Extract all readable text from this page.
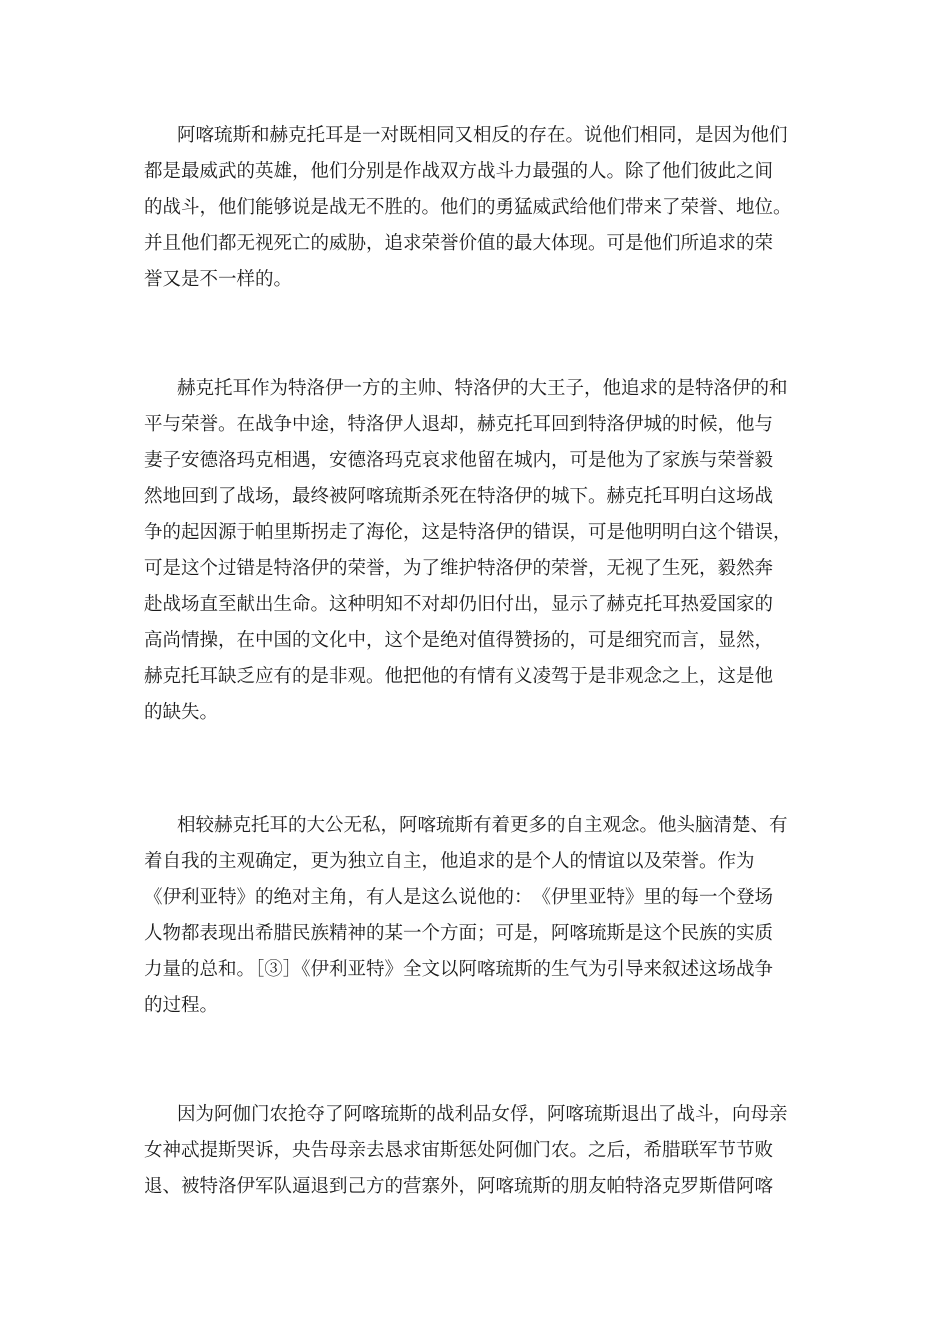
阿喀琉斯和赫克托耳是一对既相同又相反的存在。说他们相同，是因为他们
都是最威武的英雄，他们分别是作战双方战斗力最强的人。除了他们彼此之间
的战斗，他们能够说是战无不胜的。他们的勇猛威武给他们带来了荣誉、地位。
并且他们都无视死亡的威胁，追求荣誉价值的最大体现。可是他们所追求的荣
誉又是不一样的。
赫克托耳作为特洛伊一方的主帅、特洛伊的大王子，他追求的是特洛伊的和
平与荣誉。在战争中途，特洛伊人退却，赫克托耳回到特洛伊城的时候，他与
妻子安德洛玛克相遇，安德洛玛克哀求他留在城内，可是他为了家族与荣誉毅
然地回到了战场，最终被阿喀琉斯杀死在特洛伊的城下。赫克托耳明白这场战
争的起因源于帕里斯拐走了海伦，这是特洛伊的错误，可是他明明白这个错误，
可是这个过错是特洛伊的荣誉，为了维护特洛伊的荣誉，无视了生死，毅然奔
赴战场直至献出生命。这种明知不对却仍旧付出，显示了赫克托耳热爱国家的
高尚情操，在中国的文化中，这个是绝对值得赞扬的，可是细究而言，显然，
赫克托耳缺乏应有的是非观。他把他的有情有义凌驾于是非观念之上，这是他
的缺失。
相较赫克托耳的大公无私，阿喀琉斯有着更多的自主观念。他头脑清楚、有
着自我的主观确定，更为独立自主，他追求的是个人的情谊以及荣誉。作为
《伊利亚特》的绝对主角，有人是这么说他的：　《伊里亚特》里的每一个登场
人物都表现出希腊民族精神的某一个方面；可是，阿喀琉斯是这个民族的实质
力量的总和。［③］《伊利亚特》全文以阿喀琉斯的生气为引导来叙述这场战争
的过程。
因为阿伽门农抢夺了阿喀琉斯的战利品女俘，阿喀琉斯退出了战斗，向母亲
女神忒提斯哭诉，央告母亲去恳求宙斯惩处阿伽门农。之后，希腊联军节节败
退、被特洛伊军队逼退到己方的营寨外，阿喀琉斯的朋友帕特洛克罗斯借阿喀
